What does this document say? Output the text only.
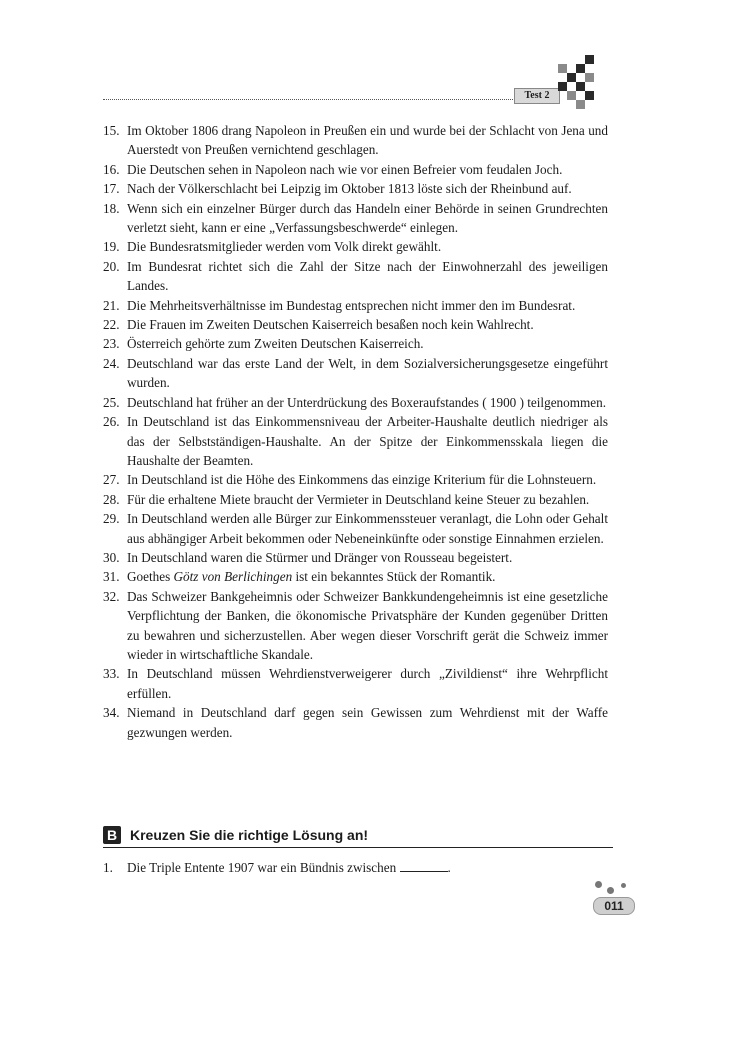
Test 2
15. Im Oktober 1806 drang Napoleon in Preußen ein und wurde bei der Schlacht von Jena und Auerstedt von Preußen vernichtend geschlagen.
16. Die Deutschen sehen in Napoleon nach wie vor einen Befreier vom feudalen Joch.
17. Nach der Völkerschlacht bei Leipzig im Oktober 1813 löste sich der Rheinbund auf.
18. Wenn sich ein einzelner Bürger durch das Handeln einer Behörde in seinen Grundrechten verletzt sieht, kann er eine „Verfassungsbeschwerde“ einlegen.
19. Die Bundesratsmitglieder werden vom Volk direkt gewählt.
20. Im Bundesrat richtet sich die Zahl der Sitze nach der Einwohnerzahl des jeweiligen Landes.
21. Die Mehrheitsverhältnisse im Bundestag entsprechen nicht immer den im Bundesrat.
22. Die Frauen im Zweiten Deutschen Kaiserreich besaßen noch kein Wahlrecht.
23. Österreich gehörte zum Zweiten Deutschen Kaiserreich.
24. Deutschland war das erste Land der Welt, in dem Sozialversicherungsgesetze eingeführt wurden.
25. Deutschland hat früher an der Unterdrückung des Boxeraufstandes ( 1900 ) teilgenommen.
26. In Deutschland ist das Einkommensniveau der Arbeiter-Haushalte deutlich niedriger als das der Selbstständigen-Haushalte. An der Spitze der Einkommensskala liegen die Haushalte der Beamten.
27. In Deutschland ist die Höhe des Einkommens das einzige Kriterium für die Lohnsteuern.
28. Für die erhaltene Miete braucht der Vermieter in Deutschland keine Steuer zu bezahlen.
29. In Deutschland werden alle Bürger zur Einkommenssteuer veranlagt, die Lohn oder Gehalt aus abhängiger Arbeit bekommen oder Nebeneinkünfte oder sonstige Einnahmen erzielen.
30. In Deutschland waren die Stürmer und Dränger von Rousseau begeistert.
31. Goethes Götz von Berlichingen ist ein bekanntes Stück der Romantik.
32. Das Schweizer Bankgeheimnis oder Schweizer Bankkundengeheimnis ist eine gesetzliche Verpflichtung der Banken, die ökonomische Privatsphäre der Kunden gegenüber Dritten zu bewahren und sicherzustellen. Aber wegen dieser Vorschrift gerät die Schweiz immer wieder in wirtschaftliche Skandale.
33. In Deutschland müssen Wehrdienstverweigerer durch „Zivildienst“ ihre Wehrpflicht erfüllen.
34. Niemand in Deutschland darf gegen sein Gewissen zum Wehrdienst mit der Waffe gezwungen werden.
B Kreuzen Sie die richtige Lösung an!
1. Die Triple Entente 1907 war ein Bündnis zwischen	.
011
